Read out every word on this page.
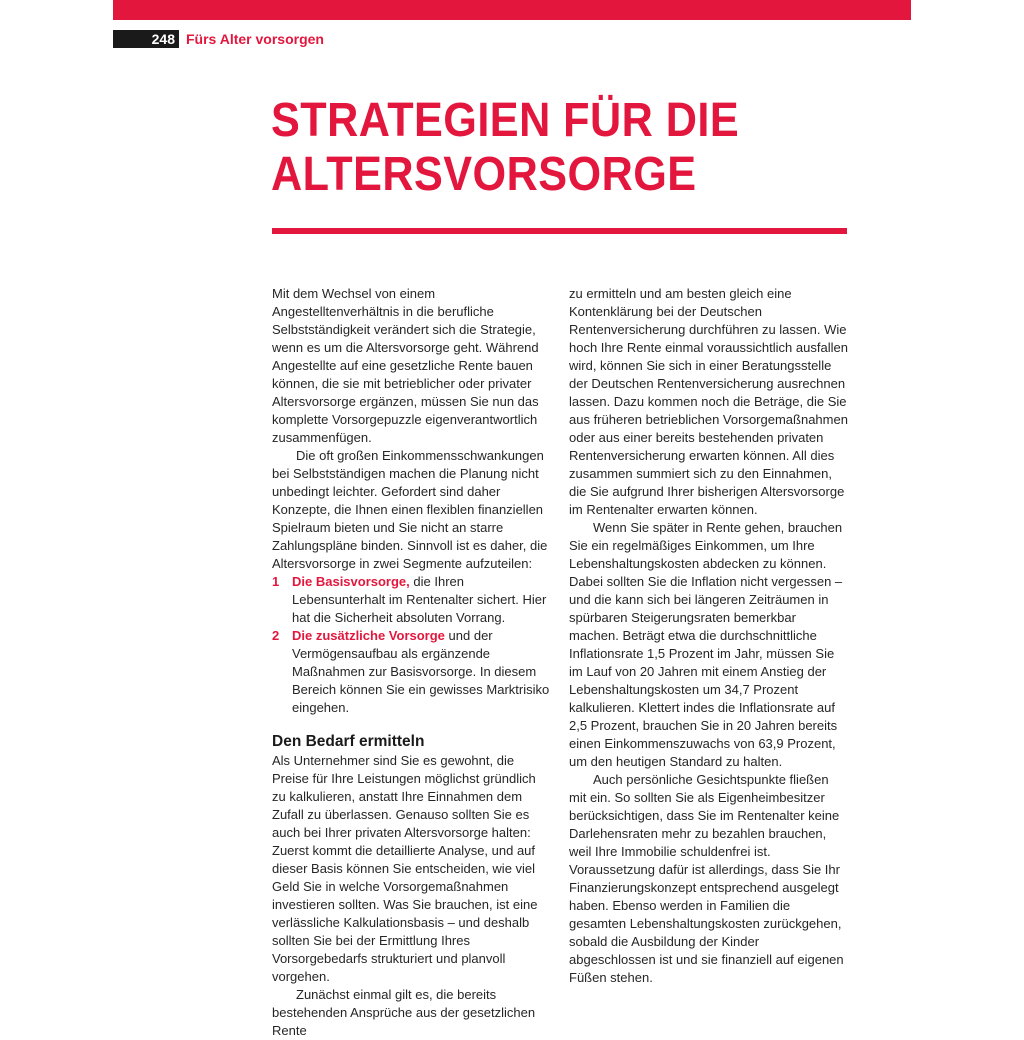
248 Fürs Alter vorsorgen
STRATEGIEN FÜR DIE
ALTERSVORSORGE

Mit dem Wechsel von einem Angestelltenverhältnis in die berufliche Selbstständigkeit verändert sich die Strategie, wenn es um die Altersvorsorge geht. Während Angestellte auf eine gesetzliche Rente bauen können, die sie mit betrieblicher oder privater Altersvorsorge ergänzen, müssen Sie nun das komplette Vorsorgepuzzle eigenverantwortlich zusammenfügen.

Die oft großen Einkommensschwankungen bei Selbstständigen machen die Planung nicht unbedingt leichter. Gefordert sind daher Konzepte, die Ihnen einen flexiblen finanziellen Spielraum bieten und Sie nicht an starre Zahlungspläne binden. Sinnvoll ist es daher, die Altersvorsorge in zwei Segmente aufzuteilen:

1 Die Basisvorsorge, die Ihren Lebensunterhalt im Rentenalter sichert. Hier hat die Sicherheit absoluten Vorrang.
2 Die zusätzliche Vorsorge und der Vermögensaufbau als ergänzende Maßnahmen zur Basisvorsorge. In diesem Bereich können Sie ein gewisses Marktrisiko eingehen.
Den Bedarf ermitteln

Als Unternehmer sind Sie es gewohnt, die Preise für Ihre Leistungen möglichst gründlich zu kalkulieren, anstatt Ihre Einnahmen dem Zufall zu überlassen. Genauso sollten Sie es auch bei Ihrer privaten Altersvorsorge halten: Zuerst kommt die detaillierte Analyse, und auf dieser Basis können Sie entscheiden, wie viel Geld Sie in welche Vorsorgemaßnahmen investieren sollten. Was Sie brauchen, ist eine verlässliche Kalkulationsbasis – und deshalb sollten Sie bei der Ermittlung Ihres Vorsorgebedarfs strukturiert und planvoll vorgehen.

Zunächst einmal gilt es, die bereits bestehenden Ansprüche aus der gesetzlichen Rente

zu ermitteln und am besten gleich eine Kontenklärung bei der Deutschen Rentenversicherung durchführen zu lassen. Wie hoch Ihre Rente einmal voraussichtlich ausfallen wird, können Sie sich in einer Beratungsstelle der Deutschen Rentenversicherung ausrechnen lassen. Dazu kommen noch die Beträge, die Sie aus früheren betrieblichen Vorsorgemaßnahmen oder aus einer bereits bestehenden privaten Rentenversicherung erwarten können. All dies zusammen summiert sich zu den Einnahmen, die Sie aufgrund Ihrer bisherigen Altersvorsorge im Rentenalter erwarten können.

Wenn Sie später in Rente gehen, brauchen Sie ein regelmäßiges Einkommen, um Ihre Lebenshaltungskosten abdecken zu können. Dabei sollten Sie die Inflation nicht vergessen – und die kann sich bei längeren Zeiträumen in spürbaren Steigerungsraten bemerkbar machen. Beträgt etwa die durchschnittliche Inflationsrate 1,5 Prozent im Jahr, müssen Sie im Lauf von 20 Jahren mit einem Anstieg der Lebenshaltungskosten um 34,7 Prozent kalkulieren. Klettert indes die Inflationsrate auf 2,5 Prozent, brauchen Sie in 20 Jahren bereits einen Einkommenszuwachs von 63,9 Prozent, um den heutigen Standard zu halten.

Auch persönliche Gesichtspunkte fließen mit ein. So sollten Sie als Eigenheimbesitzer berücksichtigen, dass Sie im Rentenalter keine Darlehensraten mehr zu bezahlen brauchen, weil Ihre Immobilie schuldenfrei ist. Voraussetzung dafür ist allerdings, dass Sie Ihr Finanzierungskonzept entsprechend ausgelegt haben. Ebenso werden in Familien die gesamten Lebenshaltungskosten zurückgehen, sobald die Ausbildung der Kinder abgeschlossen ist und sie finanziell auf eigenen Füßen stehen.
